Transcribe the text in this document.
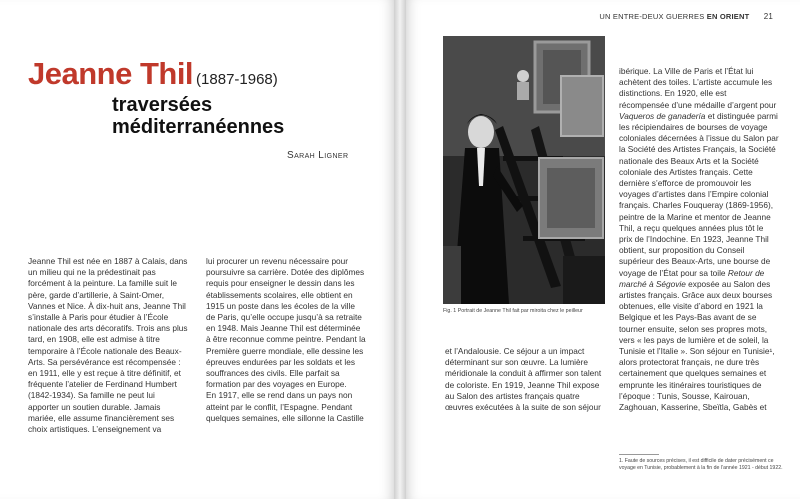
Jeanne Thil (1887-1968)
traversées
méditerranéennes
Sarah Ligner

Jeanne Thil est née en 1887 à Calais, dans un milieu qui ne la prédestinait pas forcément à la peinture. La famille suit le père, garde d’artillerie, à Saint-Omer, Vannes et Nice. À dix-huit ans, Jeanne Thil s’installe à Paris pour étudier à l’École nationale des arts décoratifs. Trois ans plus tard, en 1908, elle est admise à titre temporaire à l’École nationale des Beaux-Arts. Sa persévérance est récompensée : en 1911, elle y est reçue à titre définitif, et fréquente l’atelier de Ferdinand Humbert (1842-1934). Sa famille ne peut lui apporter un soutien durable. Jamais mariée, elle assume financièrement ses choix artistiques. L’enseignement va

lui procurer un revenu nécessaire pour poursuivre sa carrière. Dotée des diplômes requis pour enseigner le dessin dans les établissements scolaires, elle obtient en 1915 un poste dans les écoles de la ville de Paris, qu’elle occupe jusqu’à sa retraite en 1948. Mais Jeanne Thil est déterminée à être reconnue comme peintre. Pendant la Première guerre mondiale, elle dessine les épreuves endurées par les soldats et les souffrances des civils. Elle parfait sa formation par des voyages en Europe.

En 1917, elle se rend dans un pays non atteint par le conflit, l’Espagne. Pendant quelques semaines, elle sillonne la Castille

UN ENTRE-DEUX GUERRES EN ORIENT 21
Fig. 1 Portrait de Jeanne Thil fait par miroita chez le peilleur

et l’Andalousie. Ce séjour a un impact déterminant sur son œuvre. La lumière méridionale la conduit à affirmer son talent de coloriste. En 1919, Jeanne Thil expose au Salon des artistes français quatre œuvres exécutées à la suite de son séjour

ibérique. La Ville de Paris et l’État lui achètent des toiles. L’artiste accumule les distinctions. En 1920, elle est récompensée d’une médaille d’argent pour Vaqueros de ganadería et distinguée parmi les récipiendaires de bourses de voyage coloniales décernées à l’issue du Salon par la Société des Artistes Français, la Société nationale des Beaux Arts et la Société coloniale des Artistes français. Cette dernière s’efforce de promouvoir les voyages d’artistes dans l’Empire colonial français. Charles Fouqueray (1869-1956), peintre de la Marine et mentor de Jeanne Thil, a reçu quelques années plus tôt le prix de l’Indochine. En 1923, Jeanne Thil obtient, sur proposition du Conseil supérieur des Beaux-Arts, une bourse de voyage de l’État pour sa toile Retour de marché à Ségovie exposée au Salon des artistes français. Grâce aux deux bourses obtenues, elle visite d’abord en 1921 la Belgique et les Pays-Bas avant de se tourner ensuite, selon ses propres mots, vers « les pays de lumière et de soleil, la Tunisie et l’Italie ». Son séjour en Tunisie¹, alors protectorat français, ne dure très certainement que quelques semaines et emprunte les itinéraires touristiques de l’époque : Tunis, Sousse, Kairouan, Zaghouan, Kasserine, Sbeïtla, Gabès et

1. Faute de sources précises, il est difficile de dater précisément ce voyage en Tunisie, probablement à la fin de l’année 1921 - début 1922.
